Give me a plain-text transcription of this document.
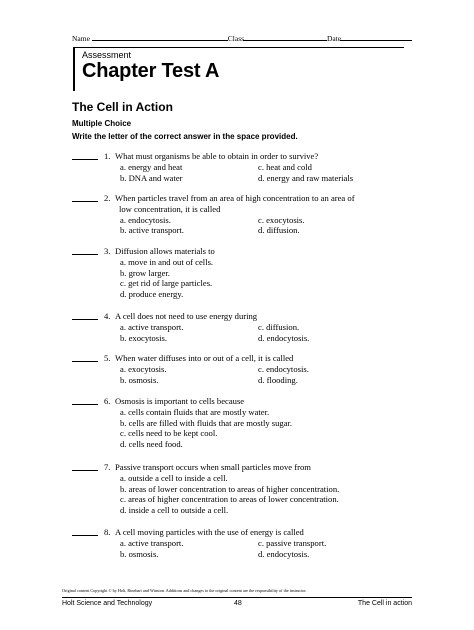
Name	Class	Date
Assessment
Chapter Test A
The Cell in Action
Multiple Choice
Write the letter of the correct answer in the space provided.
1. What must organisms be able to obtain in order to survive?
a. energy and heat	c. heat and cold
b. DNA and water	d. energy and raw materials
2. When particles travel from an area of high concentration to an area of
low concentration, it is called
a. endocytosis.	c. exocytosis.
b. active transport.	d. diffusion.
3. Diffusion allows materials to
a. move in and out of cells.
b. grow larger.
c. get rid of large particles.
d. produce energy.
4. A cell does not need to use energy during
a. active transport.	c. diffusion.
b. exocytosis.	d. endocytosis.
5. When water diffuses into or out of a cell, it is called
a. exocytosis.	c. endocytosis.
b. osmosis.	d. flooding.
6. Osmosis is important to cells because
a. cells contain fluids that are mostly water.
b. cells are filled with fluids that are mostly sugar.
c. cells need to be kept cool.
d. cells need food.
7. Passive transport occurs when small particles move from
a. outside a cell to inside a cell.
b. areas of lower concentration to areas of higher concentration.
c. areas of higher concentration to areas of lower concentration.
d. inside a cell to outside a cell.
8. A cell moving particles with the use of energy is called
a. active transport.	c. passive transport.
b. osmosis.	d. endocytosis.
Original content Copyright © by Holt, Rinehart and Winston. Additions and changes to the original content are the responsibility of the instructor.
Holt Science and Technology	48	The Cell in action
